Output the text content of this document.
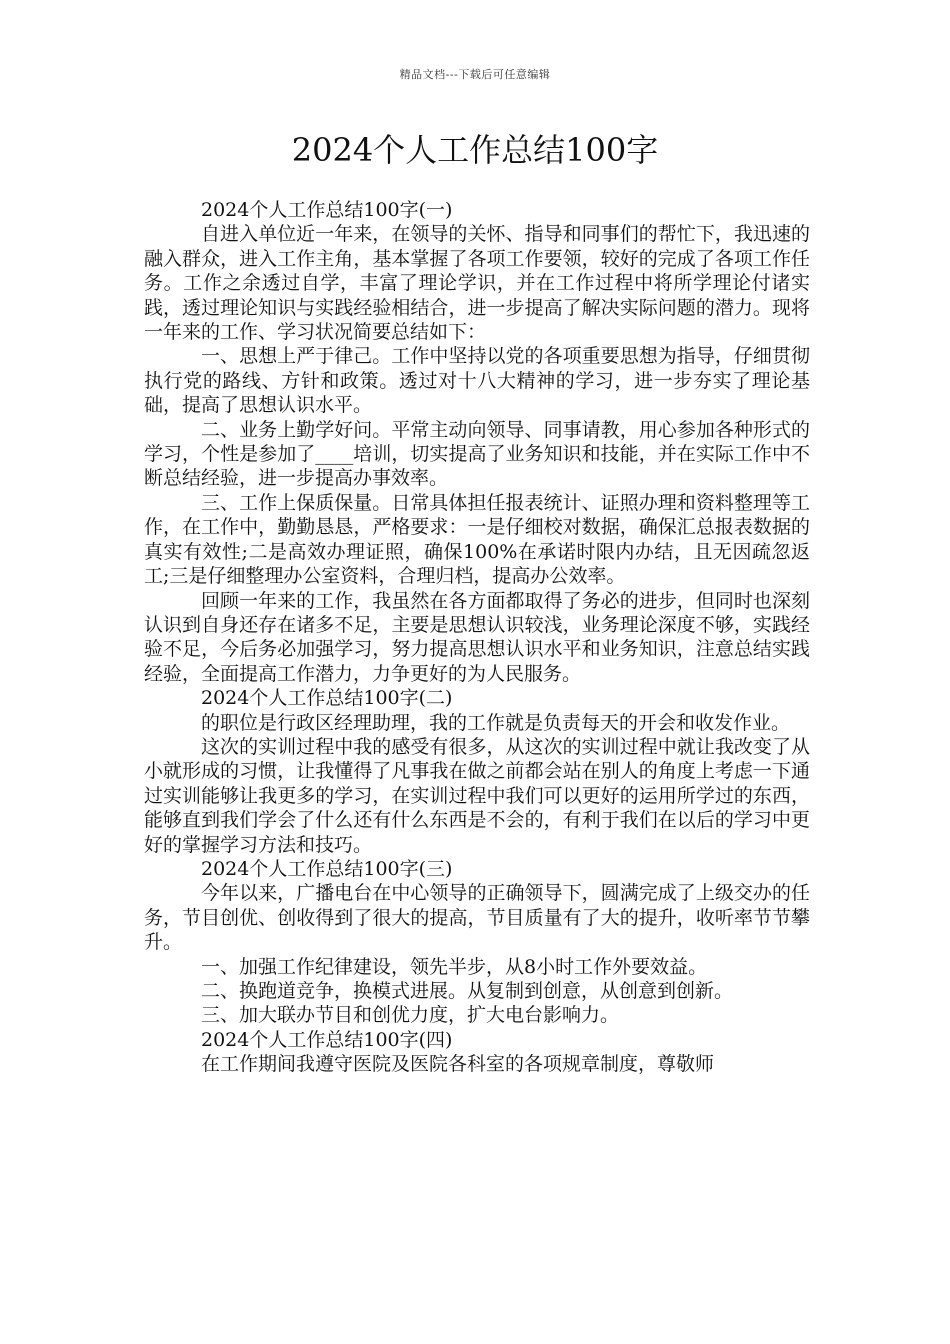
精品文档---下载后可任意编辑
2024个人工作总结100字

2024个人工作总结100字(一)

自进入单位近一年来，在领导的关怀、指导和同事们的帮忙下，我迅速的融入群众，进入工作主角，基本掌握了各项工作要领，较好的完成了各项工作任务。工作之余透过自学，丰富了理论学识，并在工作过程中将所学理论付诸实践，透过理论知识与实践经验相结合，进一步提高了解决实际问题的潜力。现将一年来的工作、学习状况简要总结如下：

一、思想上严于律己。工作中坚持以党的各项重要思想为指导，仔细贯彻执行党的路线、方针和政策。透过对十八大精神的学习，进一步夯实了理论基础，提高了思想认识水平。

二、业务上勤学好问。平常主动向领导、同事请教，用心参加各种形式的学习，个性是参加了____培训，切实提高了业务知识和技能，并在实际工作中不断总结经验，进一步提高办事效率。

三、工作上保质保量。日常具体担任报表统计、证照办理和资料整理等工作，在工作中，勤勤恳恳，严格要求：一是仔细校对数据，确保汇总报表数据的真实有效性;二是高效办理证照，确保100%在承诺时限内办结，且无因疏忽返工;三是仔细整理办公室资料，合理归档，提高办公效率。

回顾一年来的工作，我虽然在各方面都取得了务必的进步，但同时也深刻认识到自身还存在诸多不足，主要是思想认识较浅，业务理论深度不够，实践经验不足，今后务必加强学习，努力提高思想认识水平和业务知识，注意总结实践经验，全面提高工作潜力，力争更好的为人民服务。

2024个人工作总结100字(二)

的职位是行政区经理助理，我的工作就是负责每天的开会和收发作业。

这次的实训过程中我的感受有很多，从这次的实训过程中就让我改变了从小就形成的习惯，让我懂得了凡事我在做之前都会站在别人的角度上考虑一下通过实训能够让我更多的学习，在实训过程中我们可以更好的运用所学过的东西，能够直到我们学会了什么还有什么东西是不会的，有利于我们在以后的学习中更好的掌握学习方法和技巧。

2024个人工作总结100字(三)

今年以来，广播电台在中心领导的正确领导下，圆满完成了上级交办的任务，节目创优、创收得到了很大的提高，节目质量有了大的提升，收听率节节攀升。

一、加强工作纪律建设，领先半步，从8小时工作外要效益。

二、换跑道竞争，换模式进展。从复制到创意，从创意到创新。

三、加大联办节目和创优力度，扩大电台影响力。

2024个人工作总结100字(四)

在工作期间我遵守医院及医院各科室的各项规章制度，尊敬师
